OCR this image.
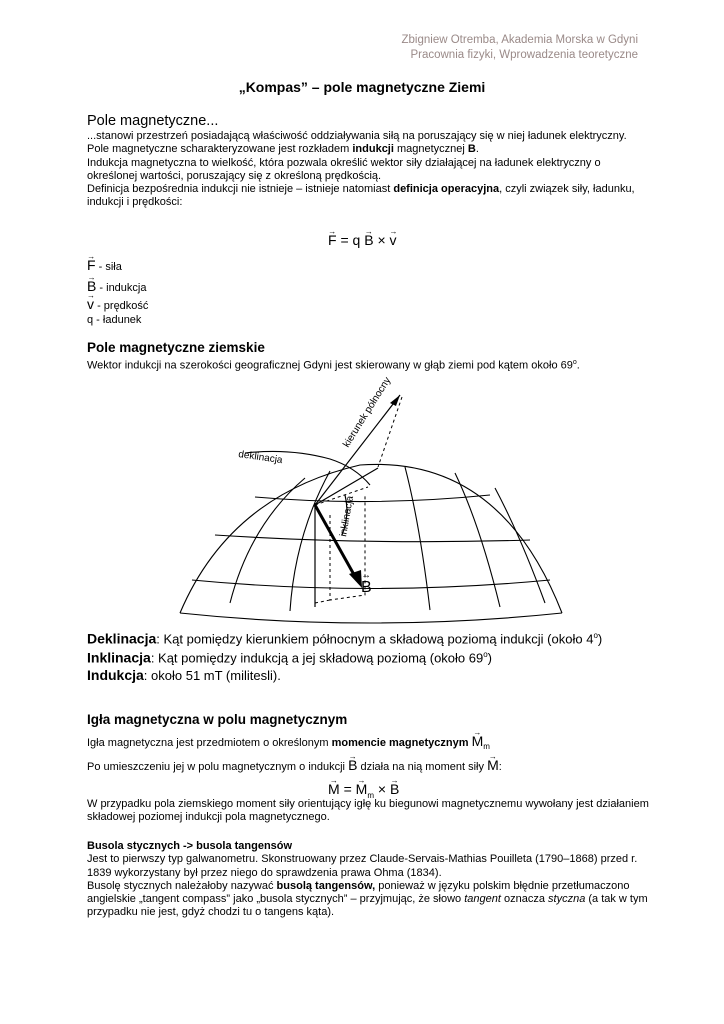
Zbigniew Otremba, Akademia Morska w Gdyni
Pracownia fizyki, Wprowadzenia teoretyczne
„Kompas” – pole magnetyczne Ziemi
Pole magnetyczne...

...stanowi przestrzeń posiadającą właściwość oddziaływania siłą na poruszający się w niej ładunek elektryczny.

Pole magnetyczne scharakteryzowane jest rozkładem indukcji magnetycznej B.

Indukcja magnetyczna to wielkość, która pozwala określić wektor siły działającej na ładunek elektryczny o określonej wartości, poruszający się z określoną prędkością.

Definicja bezpośrednia indukcji nie istnieje – istnieje natomiast definicja operacyjna, czyli związek siły, ładunku, indukcji i prędkości:

→ F = q → B × → v
→ F - siła
→ B - indukcja
→ v - prędkość
q - ładunek
Pole magnetyczne ziemskie

Wektor indukcji na szerokości geograficznej Gdyni jest skierowany w głąb ziemi pod kątem około 69$^o$.

kierunek północny
deklinacja
inklinacja
B
→

Deklinacja: Kąt pomiędzy kierunkiem północnym a składową poziomą indukcji (około 4$^o$)

Inklinacja: Kąt pomiędzy indukcją a jej składową poziomą (około 69$^o$)

Indukcja: około 51 mT (militesli).

Igła magnetyczna w polu magnetycznym

Igła magnetyczna jest przedmiotem o określonym momencie magnetycznym → $M_m$

Po umieszczeniu jej w polu magnetycznym o indukcji → B działa na nią moment siły → M:

→ M = → $M_m$ × → B

W przypadku pola ziemskiego moment siły orientujący igłę ku biegunowi magnetycznemu wywołany jest działaniem składowej poziomej indukcji pola magnetycznego.

Busola stycznych -> busola tangensów

Jest to pierwszy typ galwanometru. Skonstruowany przez Claude-Servais-Mathias Pouilleta (1790–1868) przed r. 1839 wykorzystany był przez niego do sprawdzenia prawa Ohma (1834).

Busolę stycznych należałoby nazywać busolą tangensów, ponieważ w języku polskim błędnie przetłumaczono angielskie „tangent compass” jako „busola stycznych” – przyjmując, że słowo tangent oznacza styczna (a tak w tym przypadku nie jest, gdyż chodzi tu o tangens kąta).
